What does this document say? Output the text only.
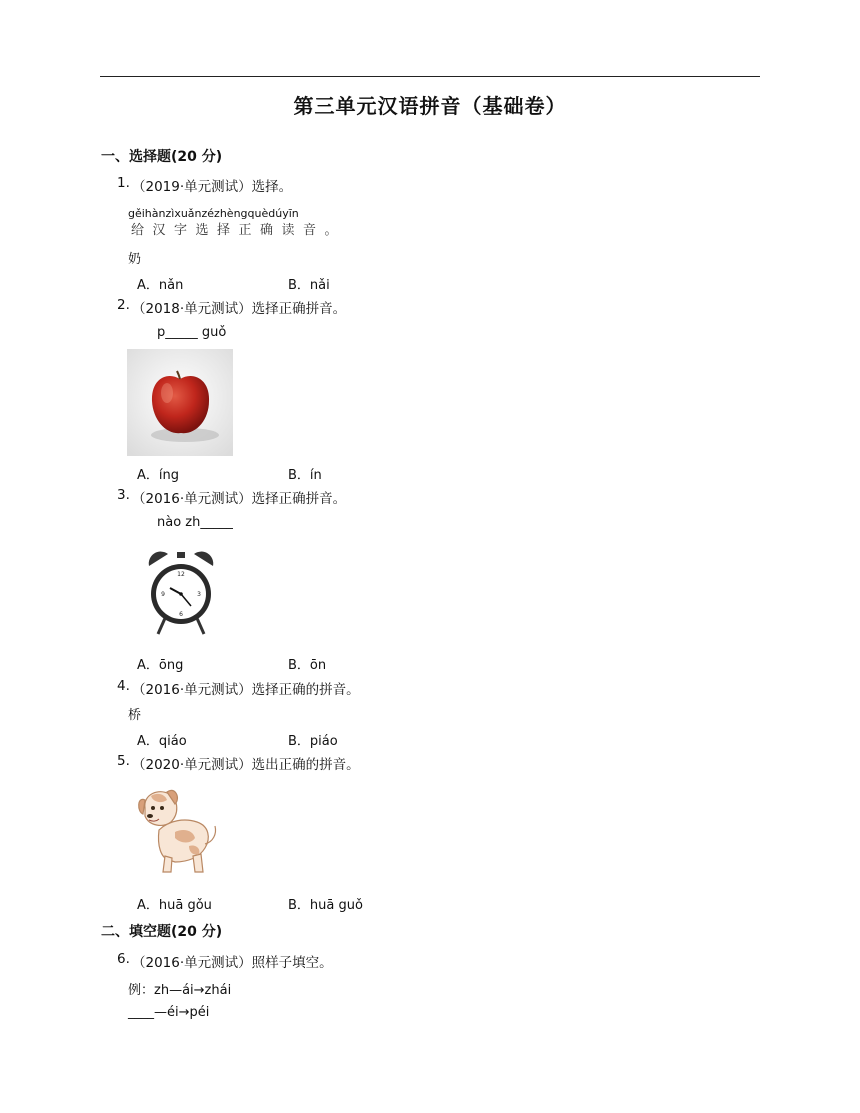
第三单元汉语拼音（基础卷）
一、选择题(20 分)
1. （2019·单元测试）选择。
gěihànzìxuǎnzézhèngquèdúyīn
给汉字选择正确读音。
奶
A．nǎn	B．nǎi
2. （2018·单元测试）选择正确拼音。
p_____ guǒ
A．íng	B．ín
3. （2016·单元测试）选择正确拼音。
nào zh_____
12
3
6
9
A．ōng	B．ōn
4. （2016·单元测试）选择正确的拼音。
桥
A．qiáo	B．piáo
5. （2020·单元测试）选出正确的拼音。
A．huā gǒu	B．huā guǒ
二、填空题(20 分)
6. （2016·单元测试）照样子填空。
例：zh—ái→zhái
____—éi→péi
